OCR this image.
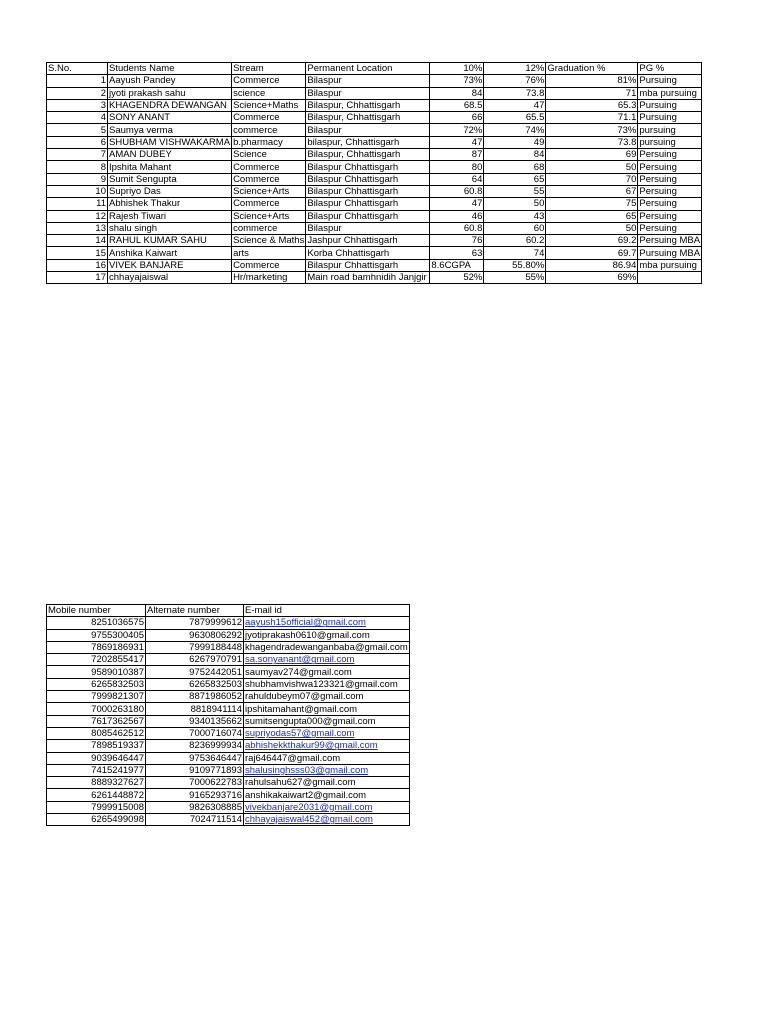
S.No.	Students Name	Stream	Permanent Location	10%	12%	Graduation %	PG %
1	Aayush Pandey	Commerce	Bilaspur	73%	76%	81%	Pursuing
2	jyoti prakash sahu	science	Bilaspur	84	73.8	71	mba pursuing
3	KHAGENDRA DEWANGAN	Science+Maths	Bilaspur, Chhattisgarh	68.5	47	65.3	Pursuing
4	SONY ANANT	Commerce	Bilaspur, Chhattisgarh	66	65.5	71.1	Pursuing
5	Saumya verma	commerce	Bilaspur	72%	74%	73%	pursuing
6	SHUBHAM VISHWAKARMA	b.pharmacy	bilaspur, Chhattisgarh	47	49	73.8	pursuing
7	AMAN DUBEY	Science	Bilaspur, Chhattisgarh	87	84	69	Persuing
8	Ipshita Mahant	Commerce	Bilaspur Chhattisgarh	80	68	50	Persuing
9	Sumit Sengupta	Commerce	Bilaspur Chhattisgarh	64	65	70	Persuing
10	Supriyo Das	Science+Arts	Bilaspur Chhattisgarh	60.8	55	67	Persuing
11	Abhishek Thakur	Commerce	Bilaspur Chhattisgarh	47	50	75	Persuing
12	Rajesh Tiwari	Science+Arts	Bilaspur Chhattisgarh	46	43	65	Persuing
13	shalu singh	commerce	Bilaspur	60.8	60	50	Persuing
14	RAHUL KUMAR SAHU	Science & Maths	Jashpur Chhattisgarh	76	60.2	69.2	Persuing MBA
15	Anshika Kaiwart	arts	Korba Chhattisgarh	63	74	69.7	Pursuing MBA
16	VIVEK BANJARE	Commerce	Bilaspur Chhattisgarh	8.6CGPA	55.80%	86.94	mba pursuing
17	chhayajaiswal	Hr/marketing	Main road bamhnidih Janjgir	52%	55%	69%	
Mobile number	Alternate number	E-mail id
8251036575	7879999612	aayush15official@gmail.com
9755300405	9630806292	jyotiprakash0610@gmail.com
7869186931	7999188448	khagendradewanganbaba@gmail.com
7202855417	6267970791	sa.sonyanant@gmail.com
9589010387	9752442051	saumyav274@gmail.com
6265832503	6265832503	shubhamvishwa123321@gmail.com
7999821307	8871986052	rahuldubeym07@gmail.com
7000263180	8818941114	ipshitamahant@gmail.com
7617362567	9340135662	sumitsengupta000@gmail.com
8085462512	7000716074	supriyodas57@gmail.com
7898519337	8236999934	abhishekkthakur99@gmail.com
9039646447	9753646447	raj646447@gmail.com
7415241977	9109771893	shalusinghsss03@gmail.com
8889327627	7000622783	rahulsahu627@gmail.com
6261448872	9165293716	anshikakaiwart2@gmail.com
7999915008	9826308885	vivekbanjare2031@gmail.com
6265499098	7024711514	chhayajaiswal452@gmail.com
